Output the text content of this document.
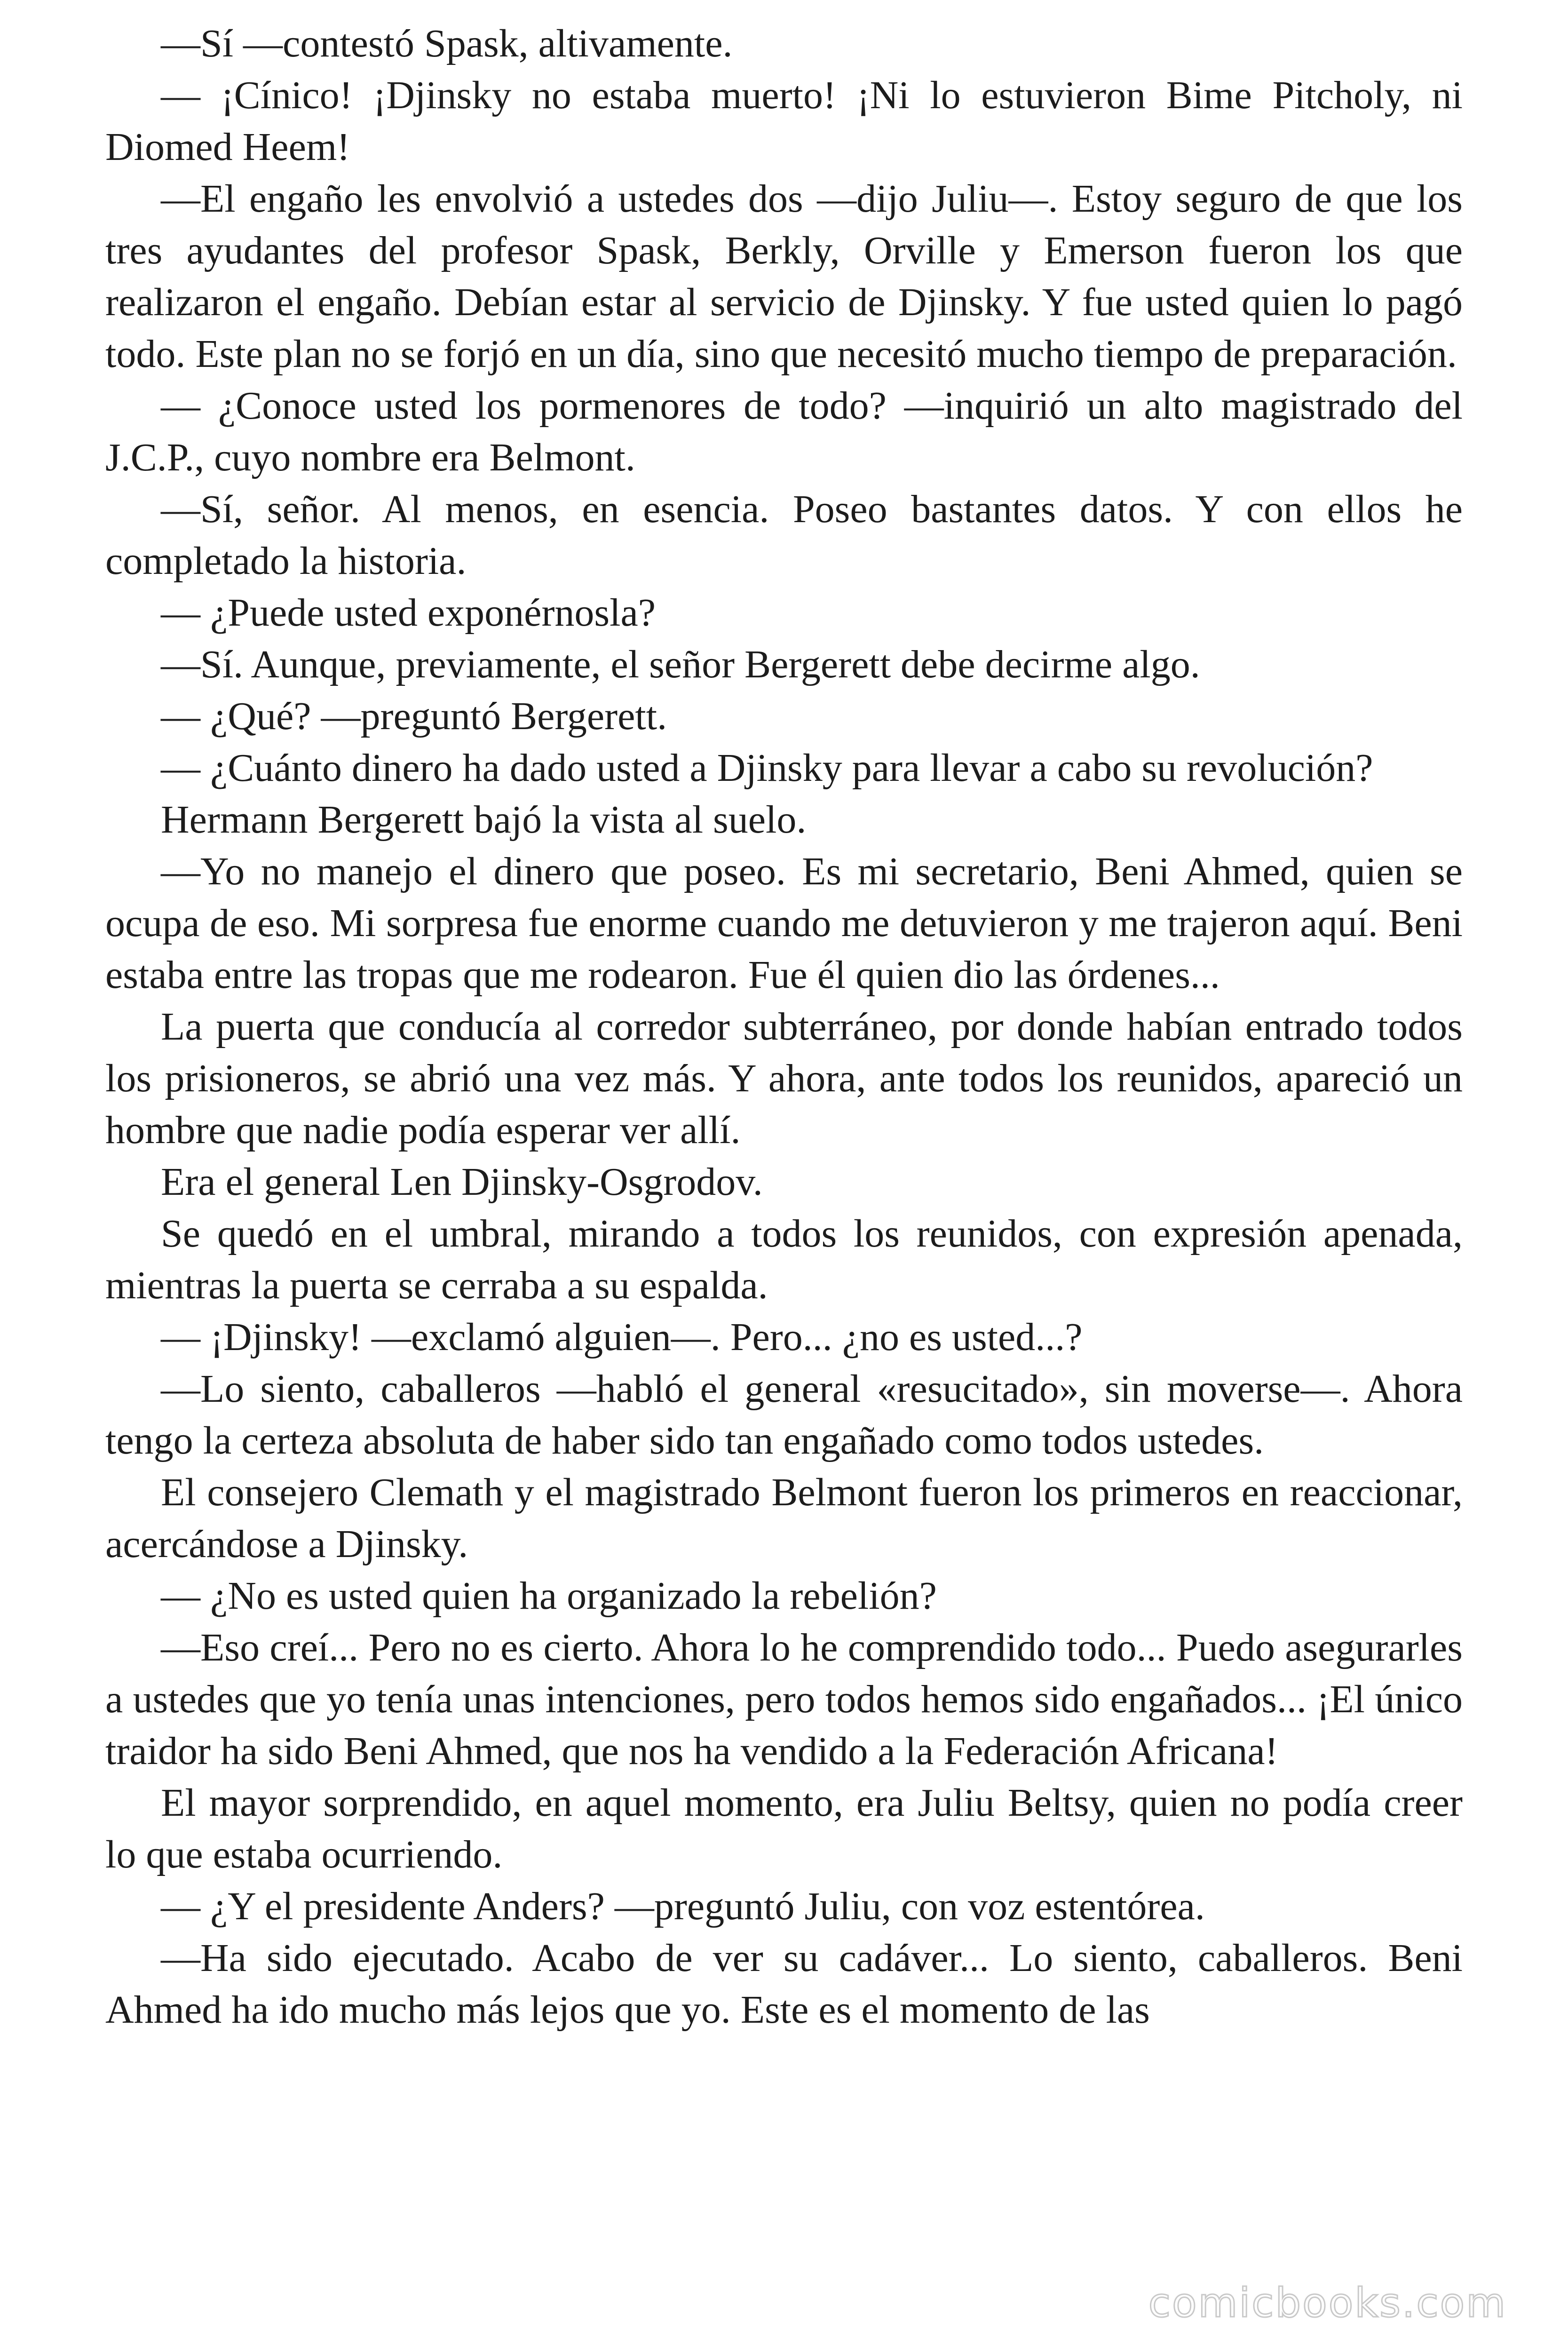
—Sí —contestó Spask, altivamente.

— ¡Cínico! ¡Djinsky no estaba muerto! ¡Ni lo estuvieron Bime Pitcholy, ni Diomed Heem!

—El engaño les envolvió a ustedes dos —dijo Juliu—. Estoy seguro de que los tres ayudantes del profesor Spask, Berkly, Orville y Emerson fueron los que realizaron el engaño. Debían estar al servicio de Djinsky. Y fue usted quien lo pagó todo. Este plan no se forjó en un día, sino que necesitó mucho tiempo de preparación.

— ¿Conoce usted los pormenores de todo? —inquirió un alto magistrado del J.C.P., cuyo nombre era Belmont.

—Sí, señor. Al menos, en esencia. Poseo bastantes datos. Y con ellos he completado la historia.

— ¿Puede usted exponérnosla?

—Sí. Aunque, previamente, el señor Bergerett debe decirme algo.

— ¿Qué? —preguntó Bergerett.

— ¿Cuánto dinero ha dado usted a Djinsky para llevar a cabo su revolución?

Hermann Bergerett bajó la vista al suelo.

—Yo no manejo el dinero que poseo. Es mi secretario, Beni Ahmed, quien se ocupa de eso. Mi sorpresa fue enorme cuando me detuvieron y me trajeron aquí. Beni estaba entre las tropas que me rodearon. Fue él quien dio las órdenes...

La puerta que conducía al corredor subterráneo, por donde habían entrado todos los prisioneros, se abrió una vez más. Y ahora, ante todos los reunidos, apareció un hombre que nadie podía esperar ver allí.

Era el general Len Djinsky-Osgrodov.

Se quedó en el umbral, mirando a todos los reunidos, con expresión apenada, mientras la puerta se cerraba a su espalda.

— ¡Djinsky! —exclamó alguien—. Pero... ¿no es usted...?

—Lo siento, caballeros —habló el general «resucitado», sin moverse—. Ahora tengo la certeza absoluta de haber sido tan engañado como todos ustedes.

El consejero Clemath y el magistrado Belmont fueron los primeros en reaccionar, acercándose a Djinsky.

— ¿No es usted quien ha organizado la rebelión?

—Eso creí... Pero no es cierto. Ahora lo he comprendido todo... Puedo asegurarles a ustedes que yo tenía unas intenciones, pero todos hemos sido engañados... ¡El único traidor ha sido Beni Ahmed, que nos ha vendido a la Federación Africana!

El mayor sorprendido, en aquel momento, era Juliu Beltsy, quien no podía creer lo que estaba ocurriendo.

— ¿Y el presidente Anders? —preguntó Juliu, con voz estentórea.

—Ha sido ejecutado. Acabo de ver su cadáver... Lo siento, caballeros. Beni Ahmed ha ido mucho más lejos que yo. Este es el momento de las

comicbooks.com
